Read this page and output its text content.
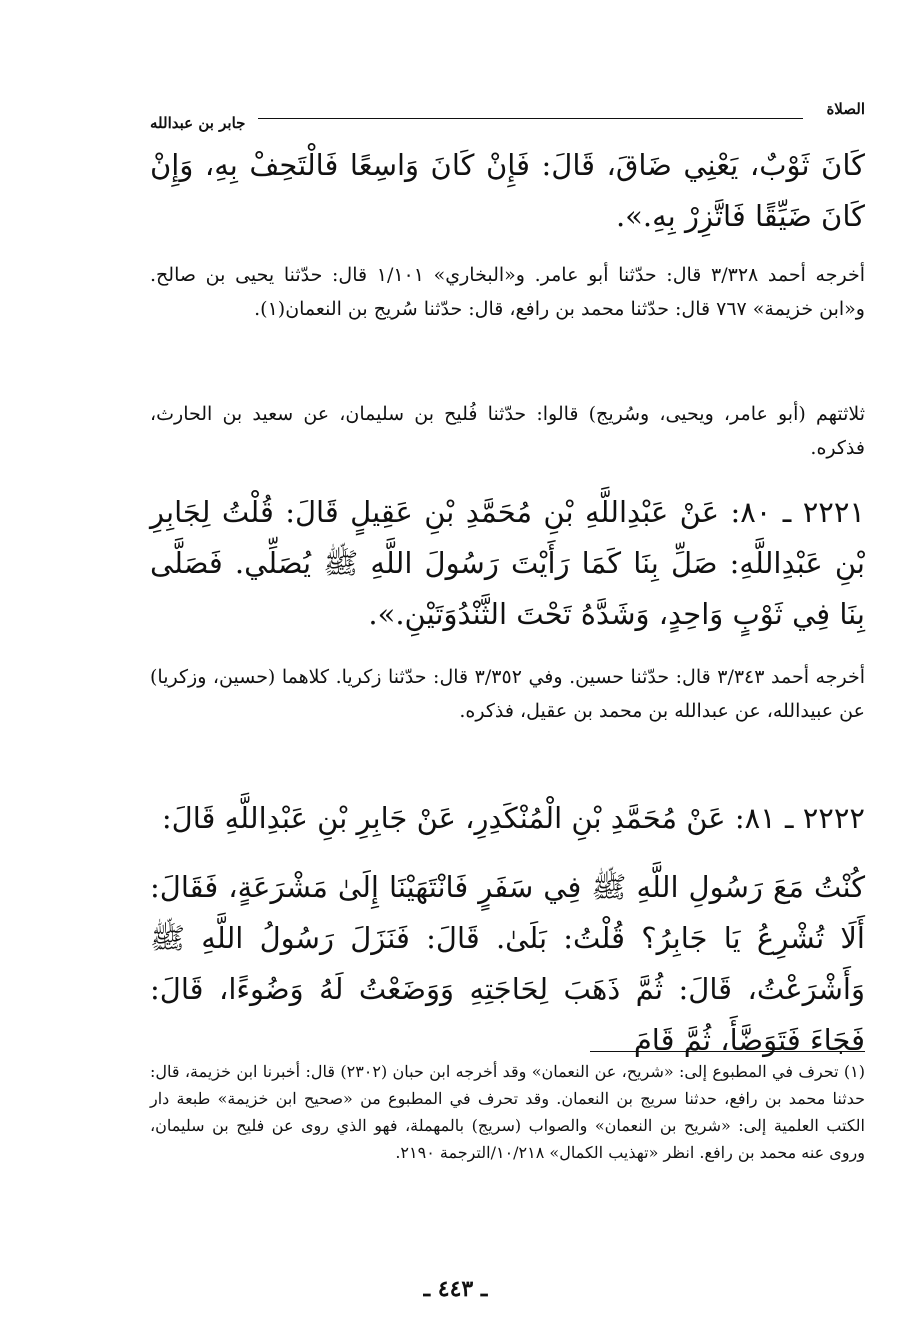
الصلاة
جابر بن عبدالله

كَانَ ثَوْبٌ، يَعْنِي ضَاقَ، قَالَ: فَإِنْ كَانَ وَاسِعًا فَالْتَحِفْ بِهِ، وَإِنْ كَانَ ضَيِّقًا فَاتَّزِرْ بِهِ.».

أخرجه أحمد ٣/٣٢٨ قال: حدّثنا أبو عامر. و«البخاري» ١/١٠١ قال: حدّثنا يحيى بن صالح. و«ابن خزيمة» ٧٦٧ قال: حدّثنا محمد بن رافع، قال: حدّثنا سُريج بن النعمان(١).

ثلاثتهم (أبو عامر، ويحيى، وسُريج) قالوا: حدّثنا فُليح بن سليمان، عن سعيد بن الحارث، فذكره.

٢٢٢١ ـ ٨٠: عَنْ عَبْدِاللَّهِ بْنِ مُحَمَّدِ بْنِ عَقِيلٍ قَالَ: قُلْتُ لِجَابِرِ بْنِ عَبْدِاللَّهِ: صَلِّ بِنَا كَمَا رَأَيْتَ رَسُولَ اللَّهِ ﷺ يُصَلِّي. فَصَلَّى بِنَا فِي ثَوْبٍ وَاحِدٍ، وَشَدَّهُ تَحْتَ الثَّنْدُوَتَيْنِ.».

أخرجه أحمد ٣/٣٤٣ قال: حدّثنا حسين. وفي ٣/٣٥٢ قال: حدّثنا زكريا. كلاهما (حسين، وزكريا) عن عبيدالله، عن عبدالله بن محمد بن عقيل، فذكره.

٢٢٢٢ ـ ٨١: عَنْ مُحَمَّدِ بْنِ الْمُنْكَدِرِ، عَنْ جَابِرِ بْنِ عَبْدِاللَّهِ قَالَ:

كُنْتُ مَعَ رَسُولِ اللَّهِ ﷺ فِي سَفَرٍ فَانْتَهَيْنَا إِلَىٰ مَشْرَعَةٍ، فَقَالَ: أَلَا تُشْرِعُ يَا جَابِرُ؟ قُلْتُ: بَلَىٰ. قَالَ: فَنَزَلَ رَسُولُ اللَّهِ ﷺ وَأَشْرَعْتُ، قَالَ: ثُمَّ ذَهَبَ لِحَاجَتِهِ وَوَضَعْتُ لَهُ وَضُوءًا، قَالَ: فَجَاءَ فَتَوَضَّأَ، ثُمَّ قَامَ

(١) تحرف في المطبوع إلى: «شريح، عن النعمان» وقد أخرجه ابن حبان (٢٣٠٢) قال: أخبرنا ابن خزيمة، قال: حدثنا محمد بن رافع، حدثنا سريج بن النعمان. وقد تحرف في المطبوع من «صحيح ابن خزيمة» طبعة دار الكتب العلمية إلى: «شريح بن النعمان» والصواب (سريج) بالمهملة، فهو الذي روى عن فليح بن سليمان، وروى عنه محمد بن رافع. انظر «تهذيب الكمال» ١٠/٢١٨/الترجمة ٢١٩٠.

ـ ٤٤٣ ـ
